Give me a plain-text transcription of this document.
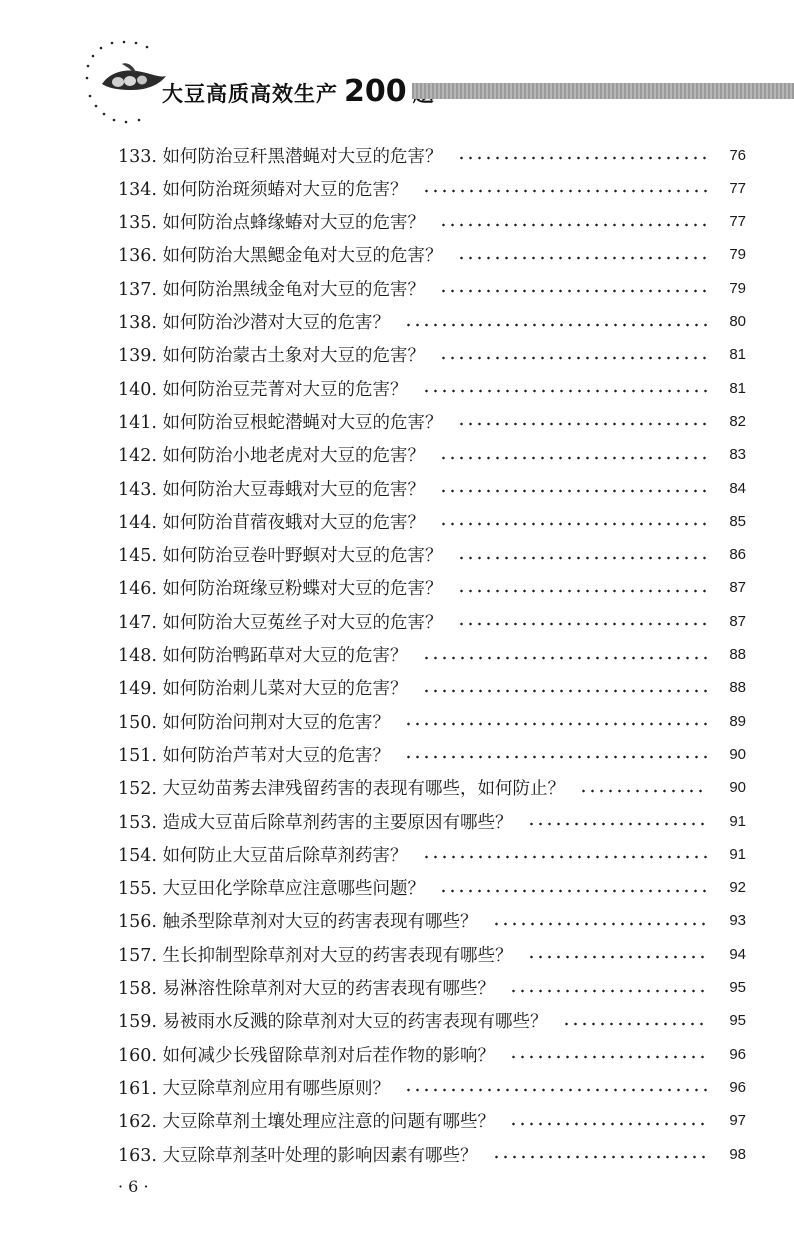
大豆高质高效生产 200
133. 如何防治豆秆黑潜蝇对大豆的危害？	76
134. 如何防治斑须蝽对大豆的危害？	77
135. 如何防治点蜂缘蝽对大豆的危害？	77
136. 如何防治大黑鳃金龟对大豆的危害？	79
137. 如何防治黑绒金龟对大豆的危害？	79
138. 如何防治沙潜对大豆的危害？	80
139. 如何防治蒙古土象对大豆的危害？	81
140. 如何防治豆芫菁对大豆的危害？	81
141. 如何防治豆根蛇潜蝇对大豆的危害？	82
142. 如何防治小地老虎对大豆的危害？	83
143. 如何防治大豆毒蛾对大豆的危害？	84
144. 如何防治苜蓿夜蛾对大豆的危害？	85
145. 如何防治豆卷叶野螟对大豆的危害？	86
146. 如何防治斑缘豆粉蝶对大豆的危害？	87
147. 如何防治大豆菟丝子对大豆的危害？	87
148. 如何防治鸭跖草对大豆的危害？	88
149. 如何防治刺儿菜对大豆的危害？	88
150. 如何防治问荆对大豆的危害？	89
151. 如何防治芦苇对大豆的危害？	90
152. 大豆幼苗莠去津残留药害的表现有哪些，如何防止？	90
153. 造成大豆苗后除草剂药害的主要原因有哪些？	91
154. 如何防止大豆苗后除草剂药害？	91
155. 大豆田化学除草应注意哪些问题？	92
156. 触杀型除草剂对大豆的药害表现有哪些？	93
157. 生长抑制型除草剂对大豆的药害表现有哪些？	94
158. 易淋溶性除草剂对大豆的药害表现有哪些？	95
159. 易被雨水反溅的除草剂对大豆的药害表现有哪些？	95
160. 如何减少长残留除草剂对后茬作物的影响？	96
161. 大豆除草剂应用有哪些原则？	96
162. 大豆除草剂土壤处理应注意的问题有哪些？	97
163. 大豆除草剂茎叶处理的影响因素有哪些？	98
· 6 ·
